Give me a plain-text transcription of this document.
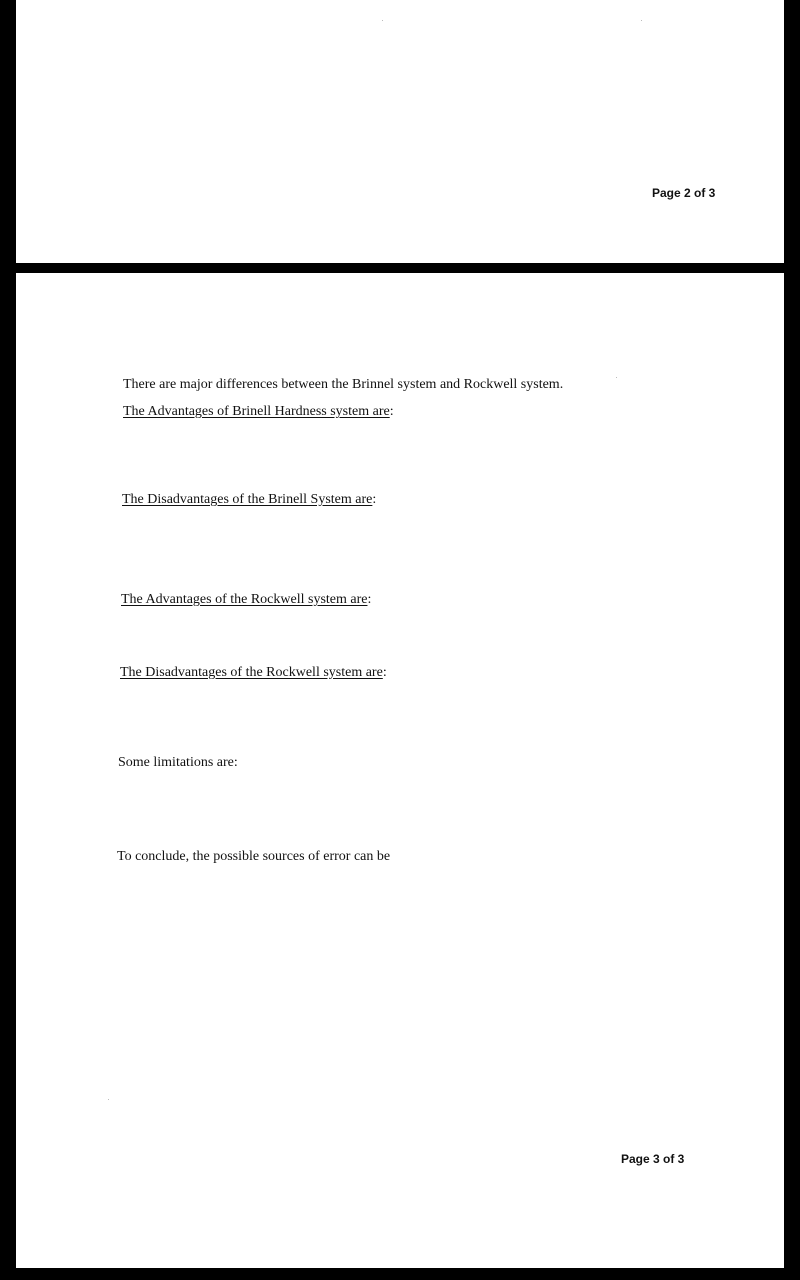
Page 2 of 3
There are major differences between the Brinnel system and Rockwell system.
The Advantages of Brinell Hardness system are:
The Disadvantages of the Brinell System are:
The Advantages of the Rockwell system are:
The Disadvantages of the Rockwell system are:
Some limitations are:
To conclude, the possible sources of error can be
Page 3 of 3
